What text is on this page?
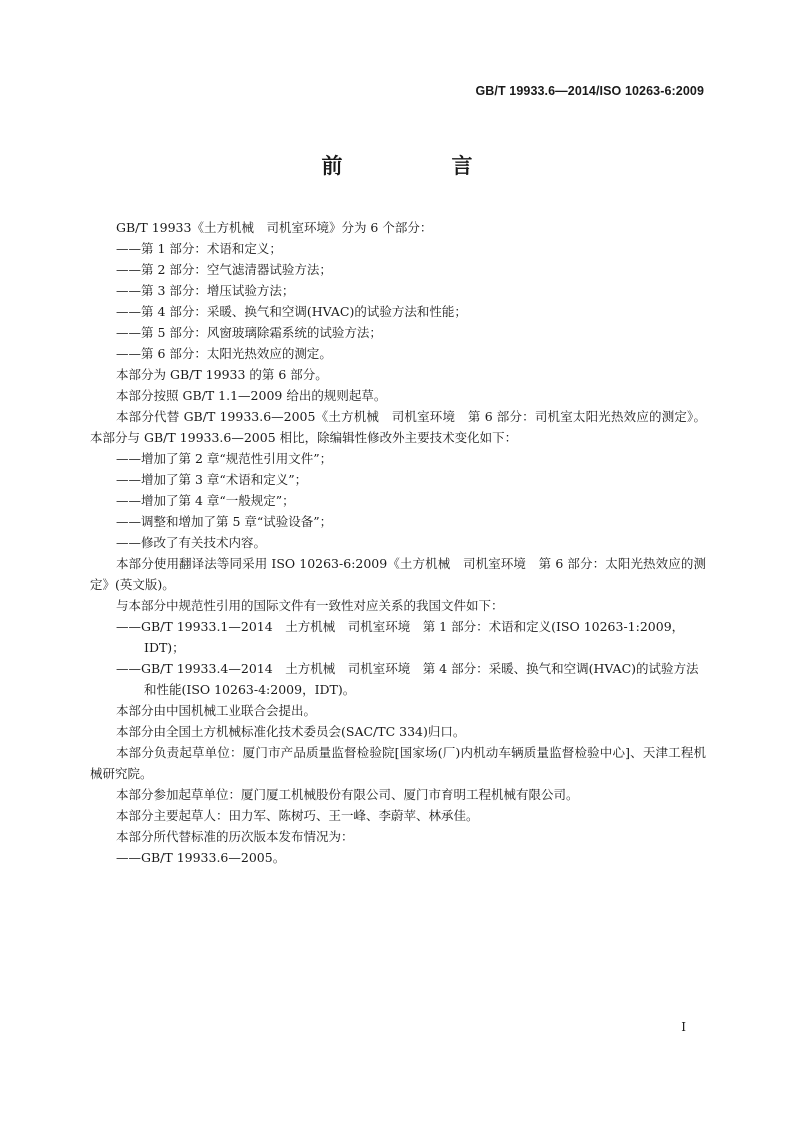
GB/T 19933.6—2014/ISO 10263-6:2009
前　言

GB/T 19933《土方机械　司机室环境》分为 6 个部分：

——第 1 部分：术语和定义；

——第 2 部分：空气滤清器试验方法；

——第 3 部分：增压试验方法；

——第 4 部分：采暖、换气和空调(HVAC)的试验方法和性能；

——第 5 部分：风窗玻璃除霜系统的试验方法；

——第 6 部分：太阳光热效应的测定。

本部分为 GB/T 19933 的第 6 部分。

本部分按照 GB/T 1.1—2009 给出的规则起草。

本部分代替 GB/T 19933.6—2005《土方机械　司机室环境　第 6 部分：司机室太阳光热效应的测定》。本部分与 GB/T 19933.6—2005 相比，除编辑性修改外主要技术变化如下：

——增加了第 2 章“规范性引用文件”；

——增加了第 3 章“术语和定义”；

——增加了第 4 章“一般规定”；

——调整和增加了第 5 章“试验设备”；

——修改了有关技术内容。

本部分使用翻译法等同采用 ISO 10263-6:2009《土方机械　司机室环境　第 6 部分：太阳光热效应的测定》(英文版)。

与本部分中规范性引用的国际文件有一致性对应关系的我国文件如下：

——GB/T 19933.1—2014　土方机械　司机室环境　第 1 部分：术语和定义(ISO 10263-1:2009，IDT)；

——GB/T 19933.4—2014　土方机械　司机室环境　第 4 部分：采暖、换气和空调(HVAC)的试验方法和性能(ISO 10263-4:2009，IDT)。

本部分由中国机械工业联合会提出。

本部分由全国土方机械标准化技术委员会(SAC/TC 334)归口。

本部分负责起草单位：厦门市产品质量监督检验院[国家场(厂)内机动车辆质量监督检验中心]、天津工程机械研究院。

本部分参加起草单位：厦门厦工机械股份有限公司、厦门市育明工程机械有限公司。

本部分主要起草人：田力军、陈树巧、王一峰、李蔚苹、林承佳。

本部分所代替标准的历次版本发布情况为：

——GB/T 19933.6—2005。

I
